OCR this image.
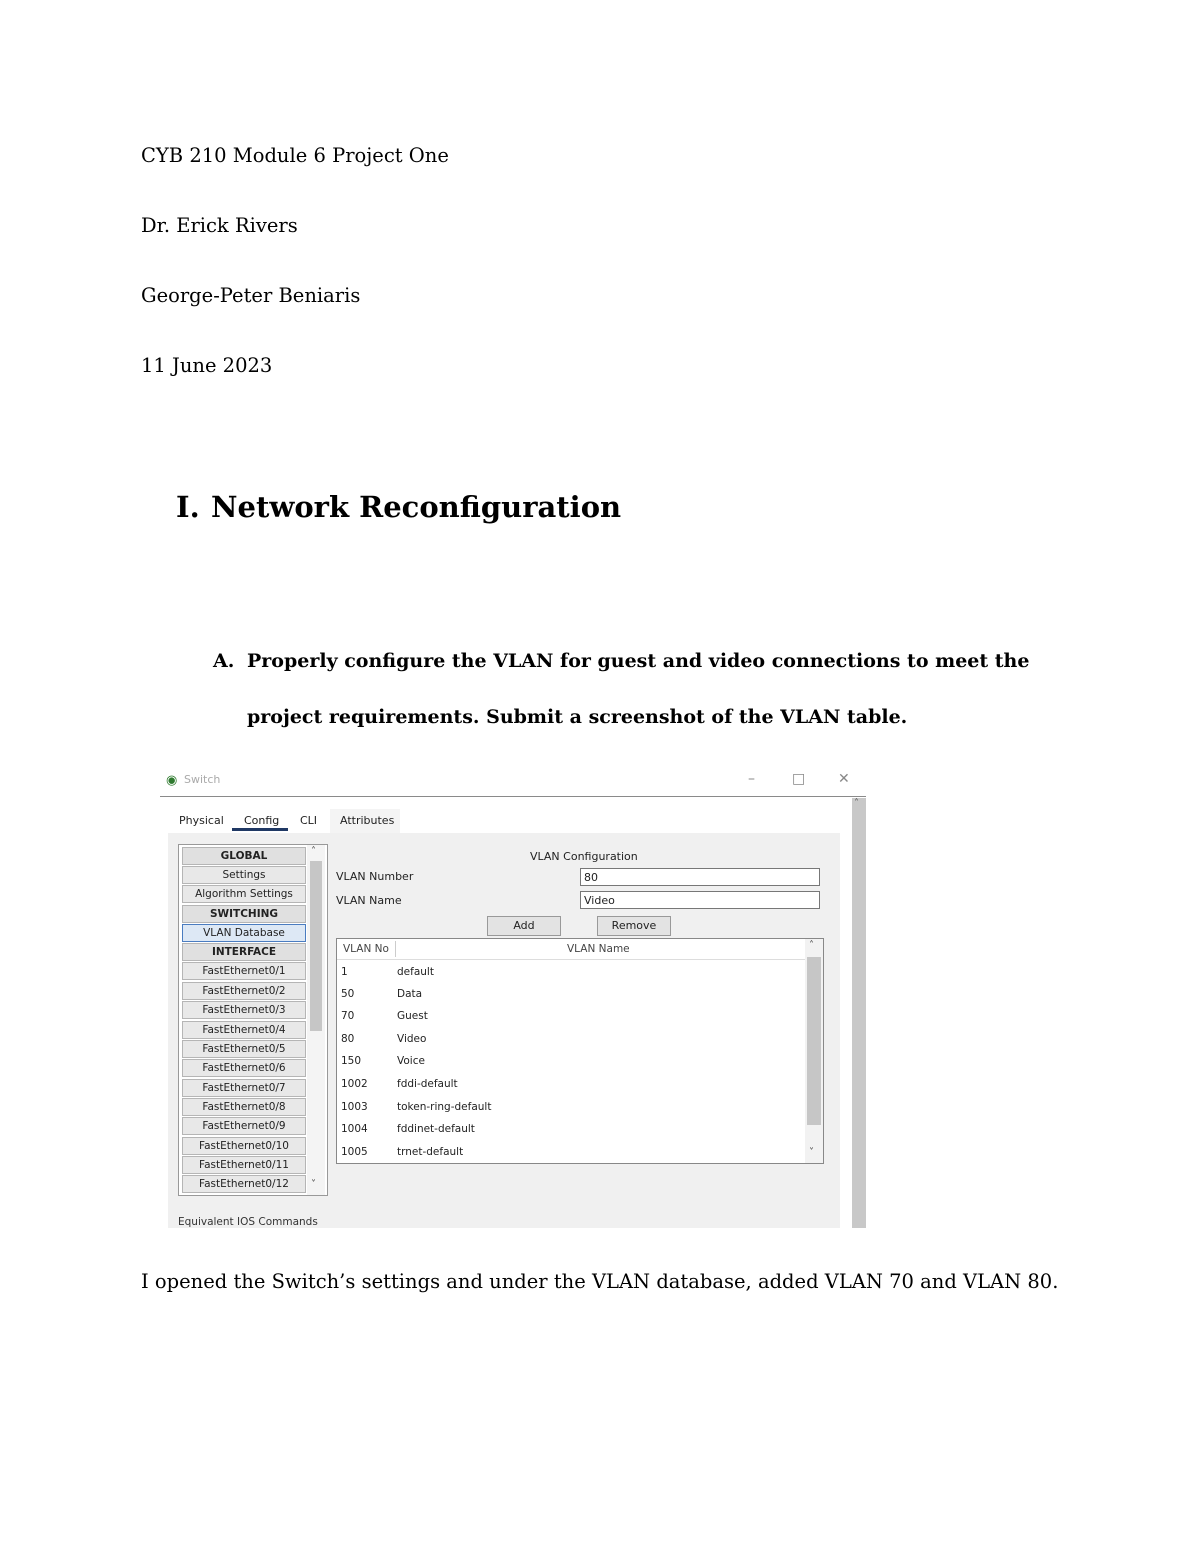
CYB 210 Module 6 Project One
Dr. Erick Rivers
George-Peter Beniaris
11 June 2023
I. Network Reconfiguration
A. Properly configure the VLAN for guest and video connections to meet the
project requirements. Submit a screenshot of the VLAN table.
◉ Switch	–	□ ✕
Physical Config CLI Attributes
˄
GLOBAL
Settings
Algorithm Settings
SWITCHING
VLAN Database
INTERFACE
FastEthernet0/1
FastEthernet0/2
FastEthernet0/3
FastEthernet0/4
FastEthernet0/5
FastEthernet0/6
FastEthernet0/7
FastEthernet0/8
FastEthernet0/9
FastEthernet0/10
FastEthernet0/11
FastEthernet0/12
˄
˅
VLAN Configuration
VLAN Number	80
VLAN Name	Video
Add	Remove
VLAN No	VLAN Name
1	default
50	Data
70	Guest
80	Video
150	Voice
1002	fddi-default
1003	token-ring-default
1004	fddinet-default
1005	trnet-default
˄
˅
Equivalent IOS Commands
I opened the Switch’s settings and under the VLAN database, added VLAN 70 and VLAN 80.
